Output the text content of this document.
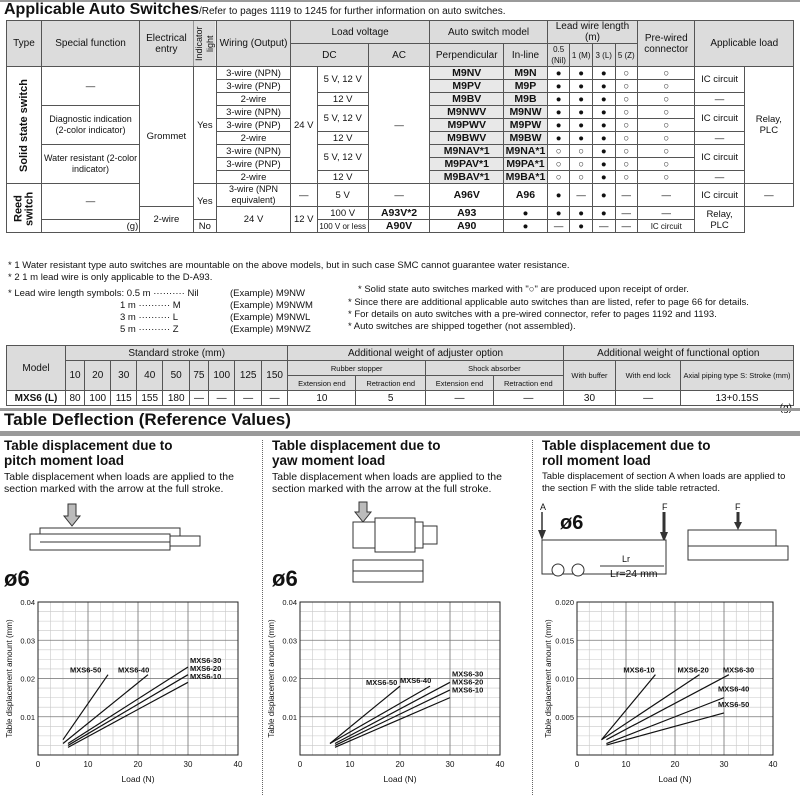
Applicable Auto Switches/Refer to pages 1119 to 1245 for further information on auto switches.
Type	Special function	Electrical entry	Indicator light	Wiring (Output)	Load voltage			Auto switch model		Lead wire length (m)				Pre-wired connector	Applicable load	
					DC		AC	Perpendicular	In-line	0.5 (Nil)	1 (M)	3 (L)	5 (Z)			

Solid state switch	—	Grommet	Yes	3-wire (NPN)	24 V	5 V, 12 V	—	M9NV	M9N	●	●	●	○	○	IC circuit	Relay, PLC
				3-wire (PNP)				M9PV	M9P	●	●	●	○	○		
				2-wire		12 V		M9BV	M9B	●	●	●	○	○	—	
	Diagnostic indication (2-color indicator)			3-wire (NPN)		5 V, 12 V		M9NWV	M9NW	●	●	●	○	○	IC circuit	
				3-wire (PNP)				M9PWV	M9PW	●	●	●	○	○		
				2-wire		12 V		M9BWV	M9BW	●	●	●	○	○	—	
	Water resistant (2-color indicator)			3-wire (NPN)		5 V, 12 V		M9NAV*1	M9NA*1	○	○	●	○	○	IC circuit	
				3-wire (PNP)				M9PAV*1	M9PA*1	○	○	●	○	○		
				2-wire		12 V		M9BAV*1	M9BA*1	○	○	●	○	○	—	
Reed switch	—		Yes	3-wire (NPN equivalent)	—	5 V	—	A96V	A96	●	—	●	—	—	IC circuit	—
		2-wire		24 V	12 V	100 V	A93V*2	A93	●	●	●	●	—	—	Relay, PLC	
	(g)		No			100 V or less	A90V	A90	●	—	●	—	—	IC circuit		
* 1 Water resistant type auto switches are mountable on the above models, but in such case SMC cannot guarantee water resistance.
* 2 1 m lead wire is only applicable to the D-A93.
* Lead wire length symbols: 0.5 m ·········· Nil
1 m ·········· M
3 m ·········· L
5 m ·········· Z
(Example) M9NW
(Example) M9NWM
(Example) M9NWL
(Example) M9NWZ
* Solid state auto switches marked with "○" are produced upon receipt of order.
* Since there are additional applicable auto switches than are listed, refer to page 66 for details.
* For details on auto switches with a pre-wired connector, refer to pages 1192 and 1193.
* Auto switches are shipped together (not assembled).
Model	Standard stroke (mm)									Additional weight of adjuster option				Additional weight of functional option		
	10	20	30	40	50	75	100	125	150	Rubber stopper		Shock absorber		With buffer	With end lock	Axial piping type S: Stroke (mm)
										Extension end	Retraction end	Extension end	Retraction end			
MXS6 (L)	80	100	115	155	180	—	—	—	—	10	5	—	—	30	—	13+0.15S
Table Deflection (Reference Values)
Table displacement due to
pitch moment load
Table displacement when loads are applied to the section marked with the arrow at the full stroke.
Table displacement due to
yaw moment load
Table displacement when loads are applied to the section marked with the arrow at the full stroke.
Table displacement due to
roll moment load
Table displacement of section A when loads are applied to the section F with the slide table retracted.
ø6	ø6
A	F	F
Lr
ø6
Lr=24 mm
0	10	20	30	40
0.01
0.02
0.03
0.04
Load (N)
Table displacement amount (mm)	MXS6-50 MXS6-40
MXS6-30
MXS6-20
MXS6-10
0	10	20	30	40
0.01
0.02
0.03
0.04
Load (N)
Table displacement amount (mm)	MXS6-50 MXS6-40
MXS6-30
MXS6-20
MXS6-10
0	10	20	30	40
0.005
0.010
0.015
0.020
Load (N)
Table displacement amount (mm)	MXS6-10	MXS6-20 MXS6-30
MXS6-40
MXS6-50
